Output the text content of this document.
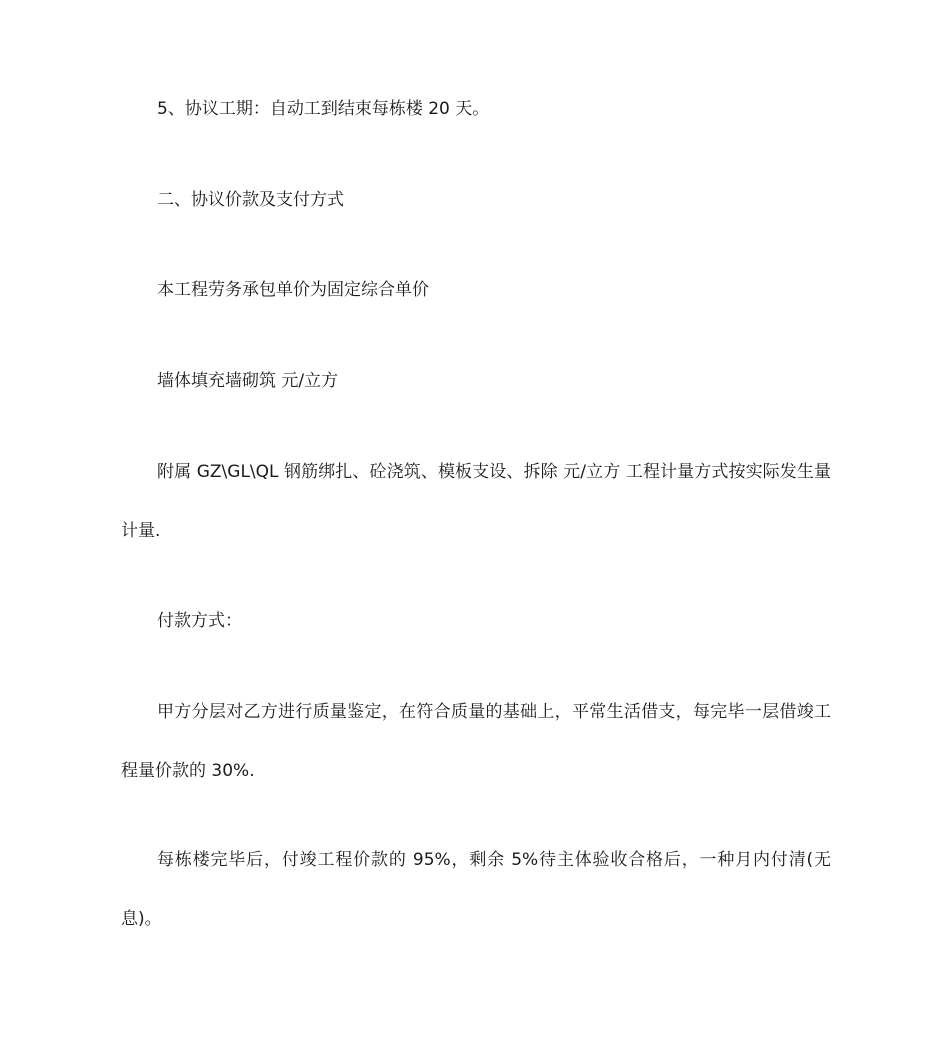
5、协议工期：自动工到结束每栋楼 20 天。

二、协议价款及支付方式

本工程劳务承包单价为固定综合单价

墙体填充墙砌筑 元/立方

附属 GZ\GL\QL 钢筋绑扎、砼浇筑、模板支设、拆除 元/立方 工程计量方式按实际发生量计量.

付款方式：

甲方分层对乙方进行质量鉴定，在符合质量的基础上，平常生活借支，每完毕一层借竣工程量价款的 30%.

每栋楼完毕后，付竣工程价款的 95%，剩余 5%待主体验收合格后，一种月内付清(无息)。
